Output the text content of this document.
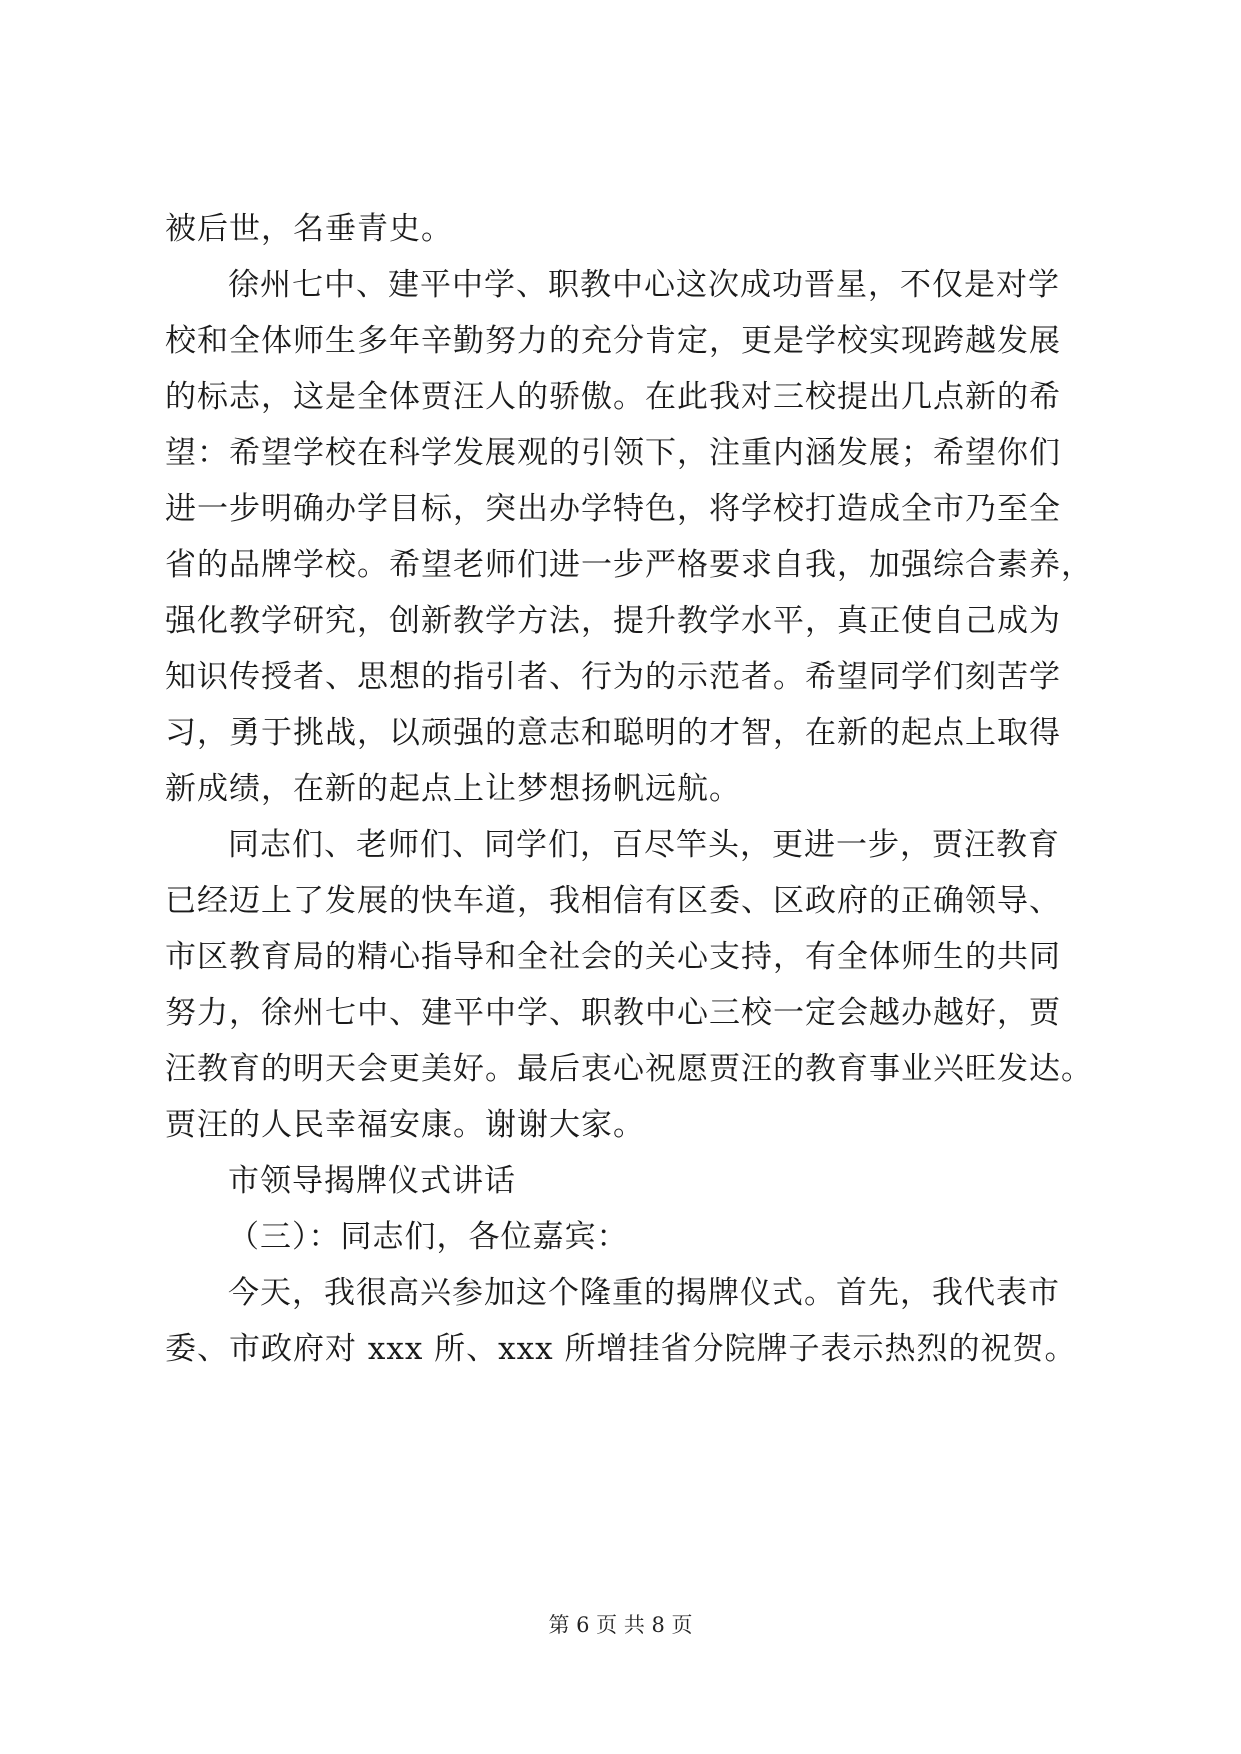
被后世，名垂青史。
徐州七中、建平中学、职教中心这次成功晋星，不仅是对学
校和全体师生多年辛勤努力的充分肯定，更是学校实现跨越发展
的标志，这是全体贾汪人的骄傲。在此我对三校提出几点新的希
望：希望学校在科学发展观的引领下，注重内涵发展；希望你们
进一步明确办学目标，突出办学特色，将学校打造成全市乃至全
省的品牌学校。希望老师们进一步严格要求自我，加强综合素养，
强化教学研究，创新教学方法，提升教学水平，真正使自己成为
知识传授者、思想的指引者、行为的示范者。希望同学们刻苦学
习，勇于挑战，以顽强的意志和聪明的才智，在新的起点上取得
新成绩，在新的起点上让梦想扬帆远航。
同志们、老师们、同学们，百尽竿头，更进一步，贾汪教育
已经迈上了发展的快车道，我相信有区委、区政府的正确领导、
市区教育局的精心指导和全社会的关心支持，有全体师生的共同
努力，徐州七中、建平中学、职教中心三校一定会越办越好，贾
汪教育的明天会更美好。最后衷心祝愿贾汪的教育事业兴旺发达。
贾汪的人民幸福安康。谢谢大家。
市领导揭牌仪式讲话
（三）：同志们，各位嘉宾：
今天，我很高兴参加这个隆重的揭牌仪式。首先，我代表市
委、市政府对 xxx 所、xxx 所增挂省分院牌子表示热烈的祝贺。
第 6 页 共 8 页
